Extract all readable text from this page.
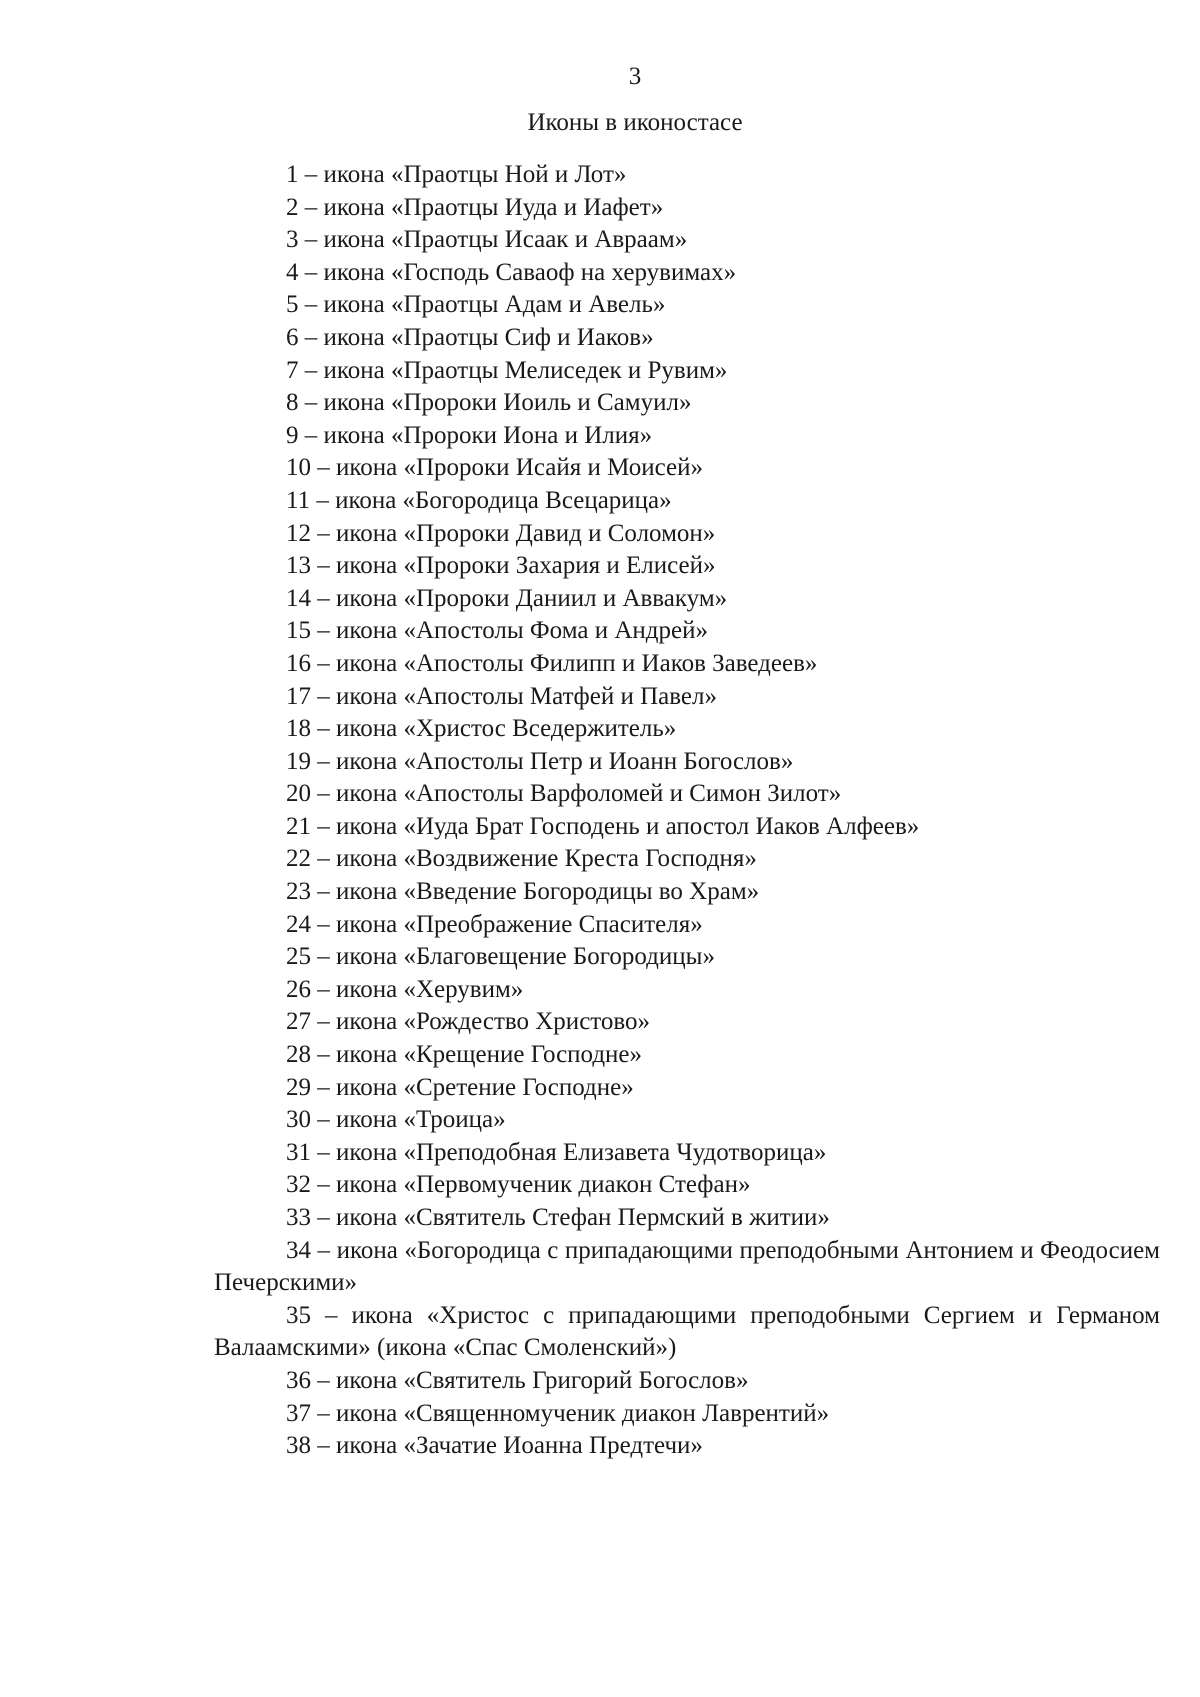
3
Иконы в иконостасе
1 – икона «Праотцы Ной и Лот»
2 – икона «Праотцы Иуда и Иафет»
3 – икона «Праотцы Исаак и Авраам»
4 – икона «Господь Саваоф на херувимах»
5 – икона «Праотцы Адам и Авель»
6 – икона «Праотцы Сиф и Иаков»
7 – икона «Праотцы Мелиседек и Рувим»
8 – икона «Пророки Иоиль и Самуил»
9 – икона «Пророки Иона и Илия»
10 – икона «Пророки Исайя и Моисей»
11 – икона «Богородица Всецарица»
12 – икона «Пророки Давид и Соломон»
13 – икона «Пророки Захария и Елисей»
14 – икона «Пророки Даниил и Аввакум»
15 – икона «Апостолы Фома и Андрей»
16 – икона «Апостолы Филипп и Иаков Заведеев»
17 – икона «Апостолы Матфей и Павел»
18 – икона «Христос Вседержитель»
19 – икона «Апостолы Петр и Иоанн Богослов»
20 – икона «Апостолы Варфоломей и Симон Зилот»
21 – икона «Иуда Брат Господень и апостол Иаков Алфеев»
22 – икона «Воздвижение Креста Господня»
23 – икона «Введение Богородицы во Храм»
24 – икона «Преображение Спасителя»
25 – икона «Благовещение Богородицы»
26 – икона «Херувим»
27 – икона «Рождество Христово»
28 – икона «Крещение Господне»
29 – икона «Сретение Господне»
30 – икона «Троица»
31 – икона «Преподобная Елизавета Чудотворица»
32 – икона «Первомученик диакон Стефан»
33 – икона «Святитель Стефан Пермский в житии»
34 – икона «Богородица с припадающими преподобными Антонием и Феодосием Печерскими»
35 – икона «Христос с припадающими преподобными Сергием и Германом Валаамскими» (икона «Спас Смоленский»)
36 – икона «Святитель Григорий Богослов»
37 – икона «Священномученик диакон Лаврентий»
38 – икона «Зачатие Иоанна Предтечи»
